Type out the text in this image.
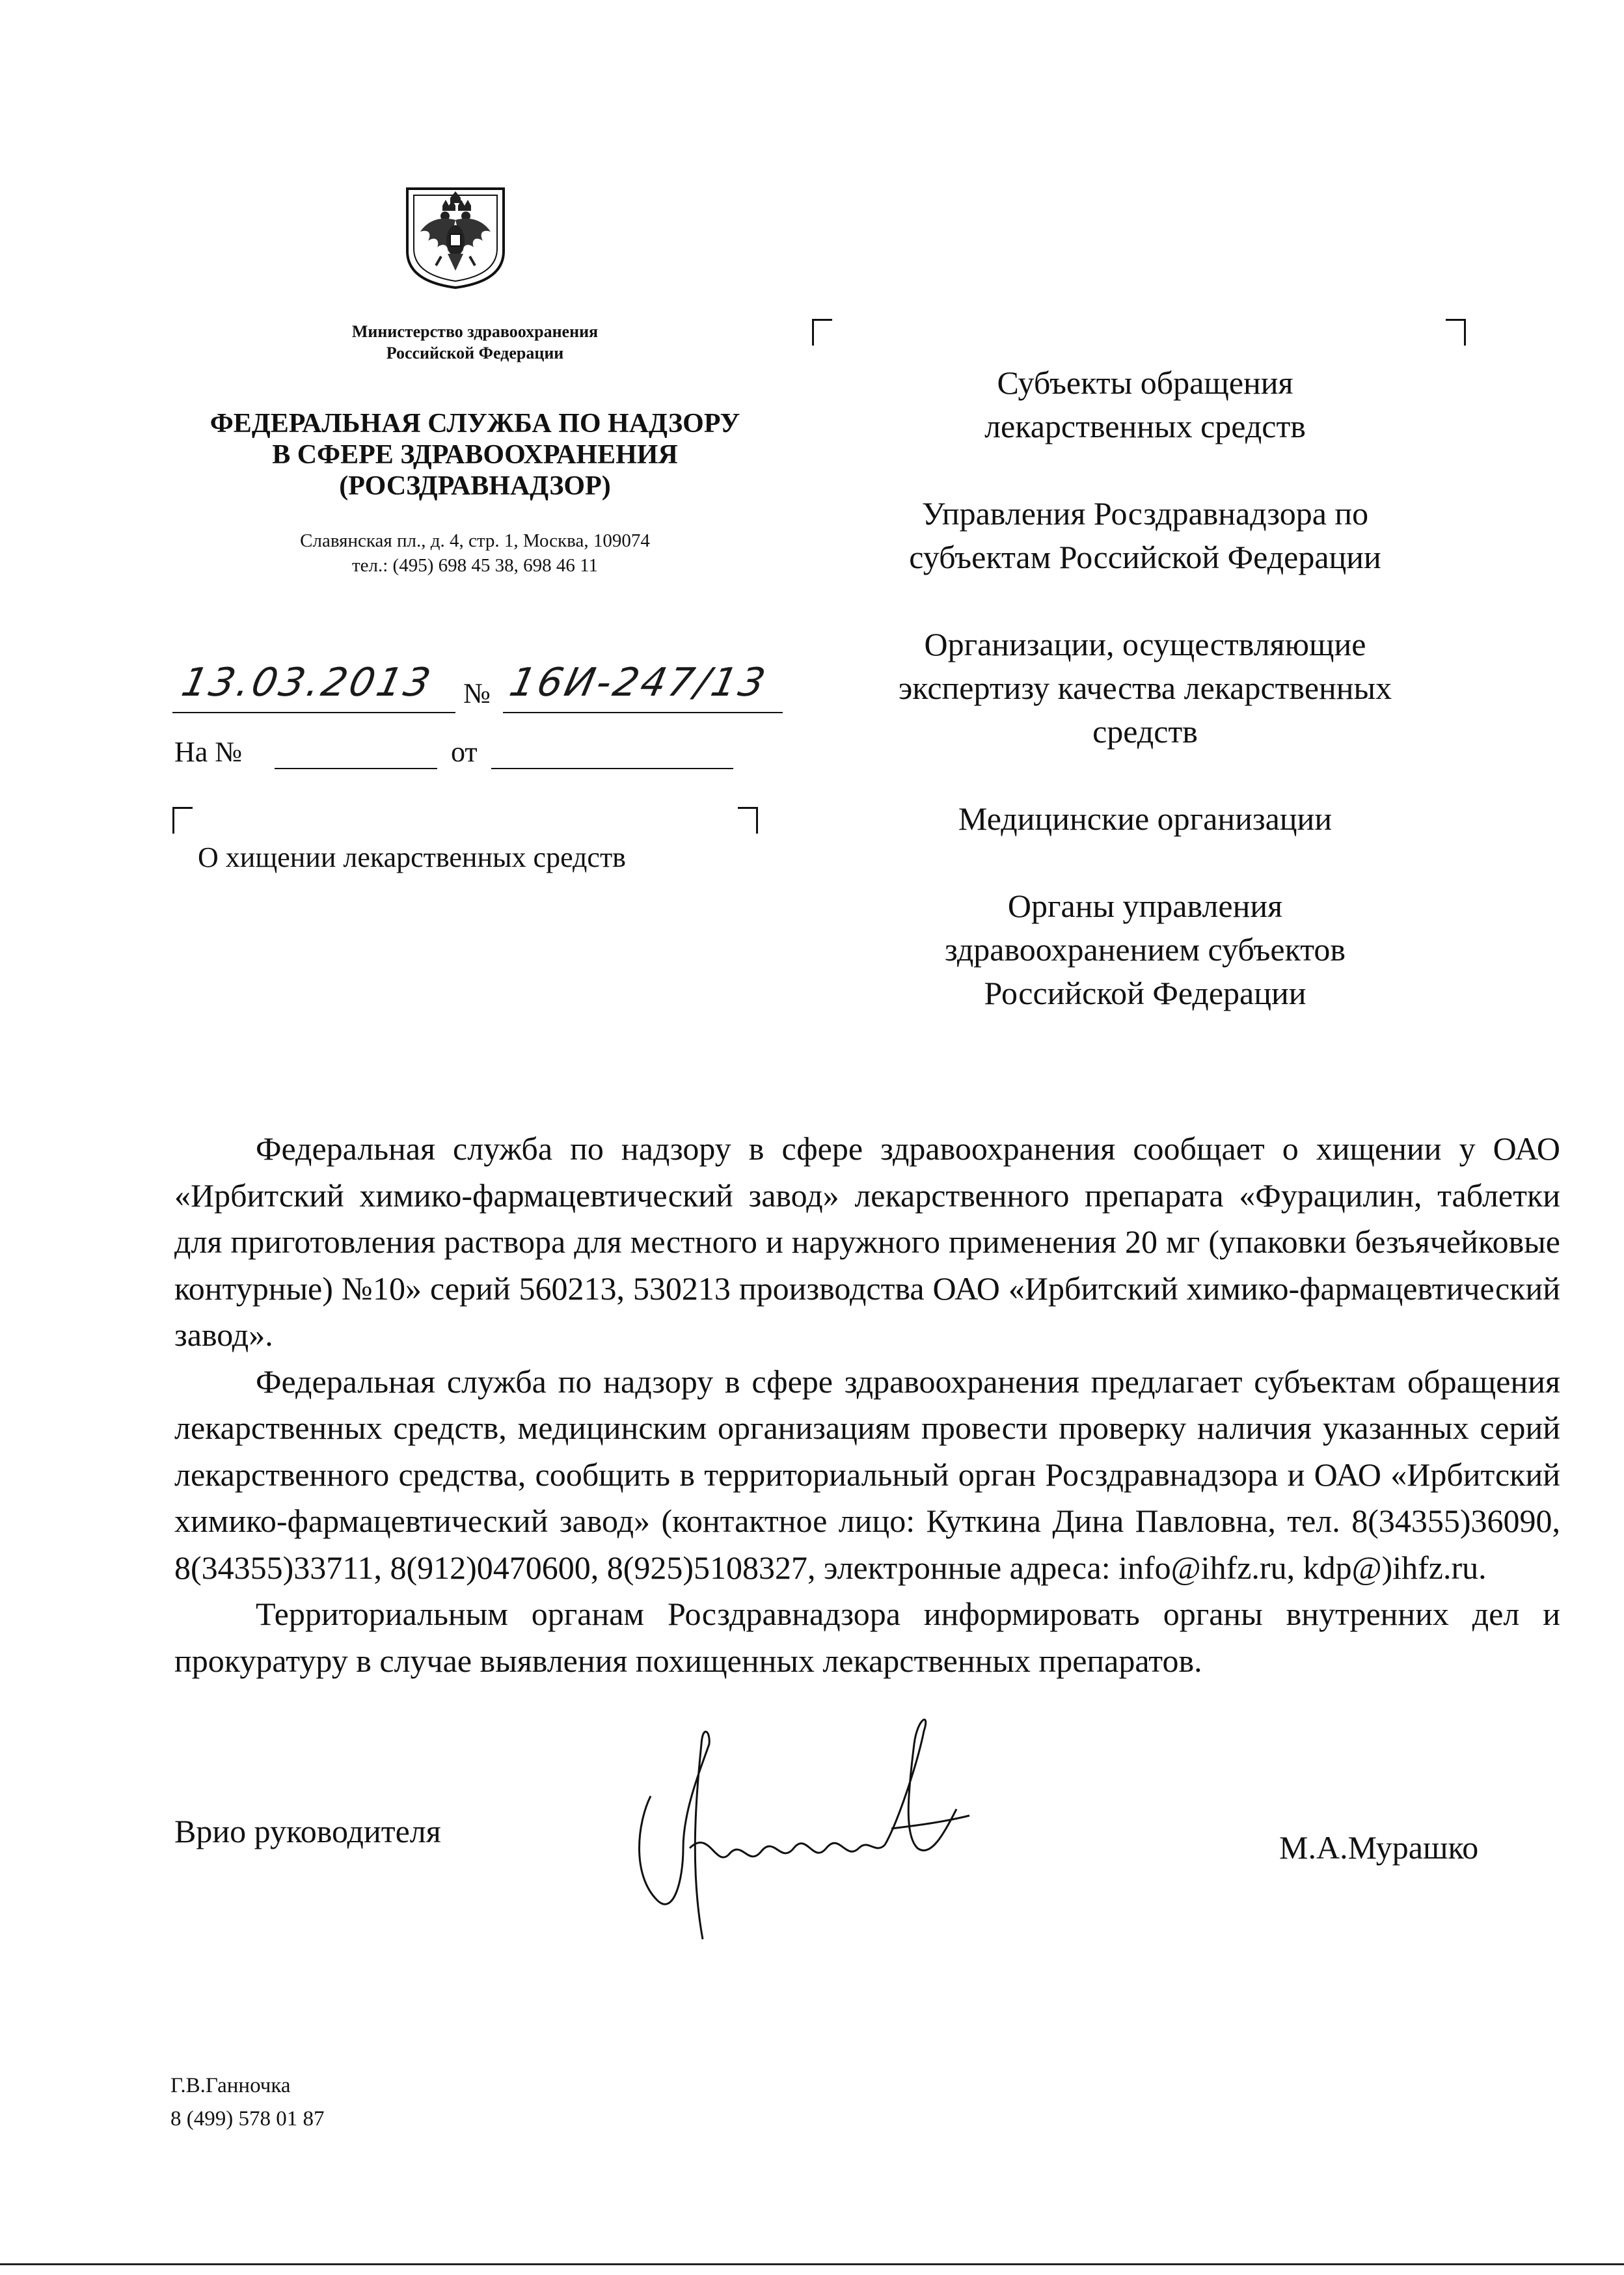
Министерство здравоохранения
Российской Федерации
ФЕДЕРАЛЬНАЯ СЛУЖБА ПО НАДЗОРУ
В СФЕРЕ ЗДРАВООХРАНЕНИЯ
(РОСЗДРАВНАДЗОР)
Славянская пл., д. 4, стр. 1, Москва, 109074
тел.: (495) 698 45 38, 698 46 11
13.03.2013 № 16И-247/13
На №	от
О хищении лекарственных средств

Субъекты обращения лекарственных средств

Управления Росздравнадзора по субъектам Российской Федерации

Организации, осуществляющие экспертизу качества лекарственных средств

Медицинские организации

Органы управления здравоохранением субъектов Российской Федерации

Федеральная служба по надзору в сфере здравоохранения сообщает о хищении у ОАО «Ирбитский химико-фармацевтический завод» лекарственного препарата «Фурацилин, таблетки для приготовления раствора для местного и наружного применения 20 мг (упаковки безъячейковые контурные) №10» серий 560213, 530213 производства ОАО «Ирбитский химико-фармацевтический завод».

Федеральная служба по надзору в сфере здравоохранения предлагает субъектам обращения лекарственных средств, медицинским организациям провести проверку наличия указанных серий лекарственного средства, сообщить в территориальный орган Росздравнадзора и ОАО «Ирбитский химико-фармацевтический завод» (контактное лицо: Куткина Дина Павловна, тел. 8(34355)36090, 8(34355)33711, 8(912)0470600, 8(925)5108327, электронные адреса: info@ihfz.ru, kdp@)ihfz.ru.

Территориальным органам Росздравнадзора информировать органы внутренних дел и прокуратуру в случае выявления похищенных лекарственных препаратов.

Врио руководителя	М.А.Мурашко
Г.В.Ганночка
8 (499) 578 01 87
